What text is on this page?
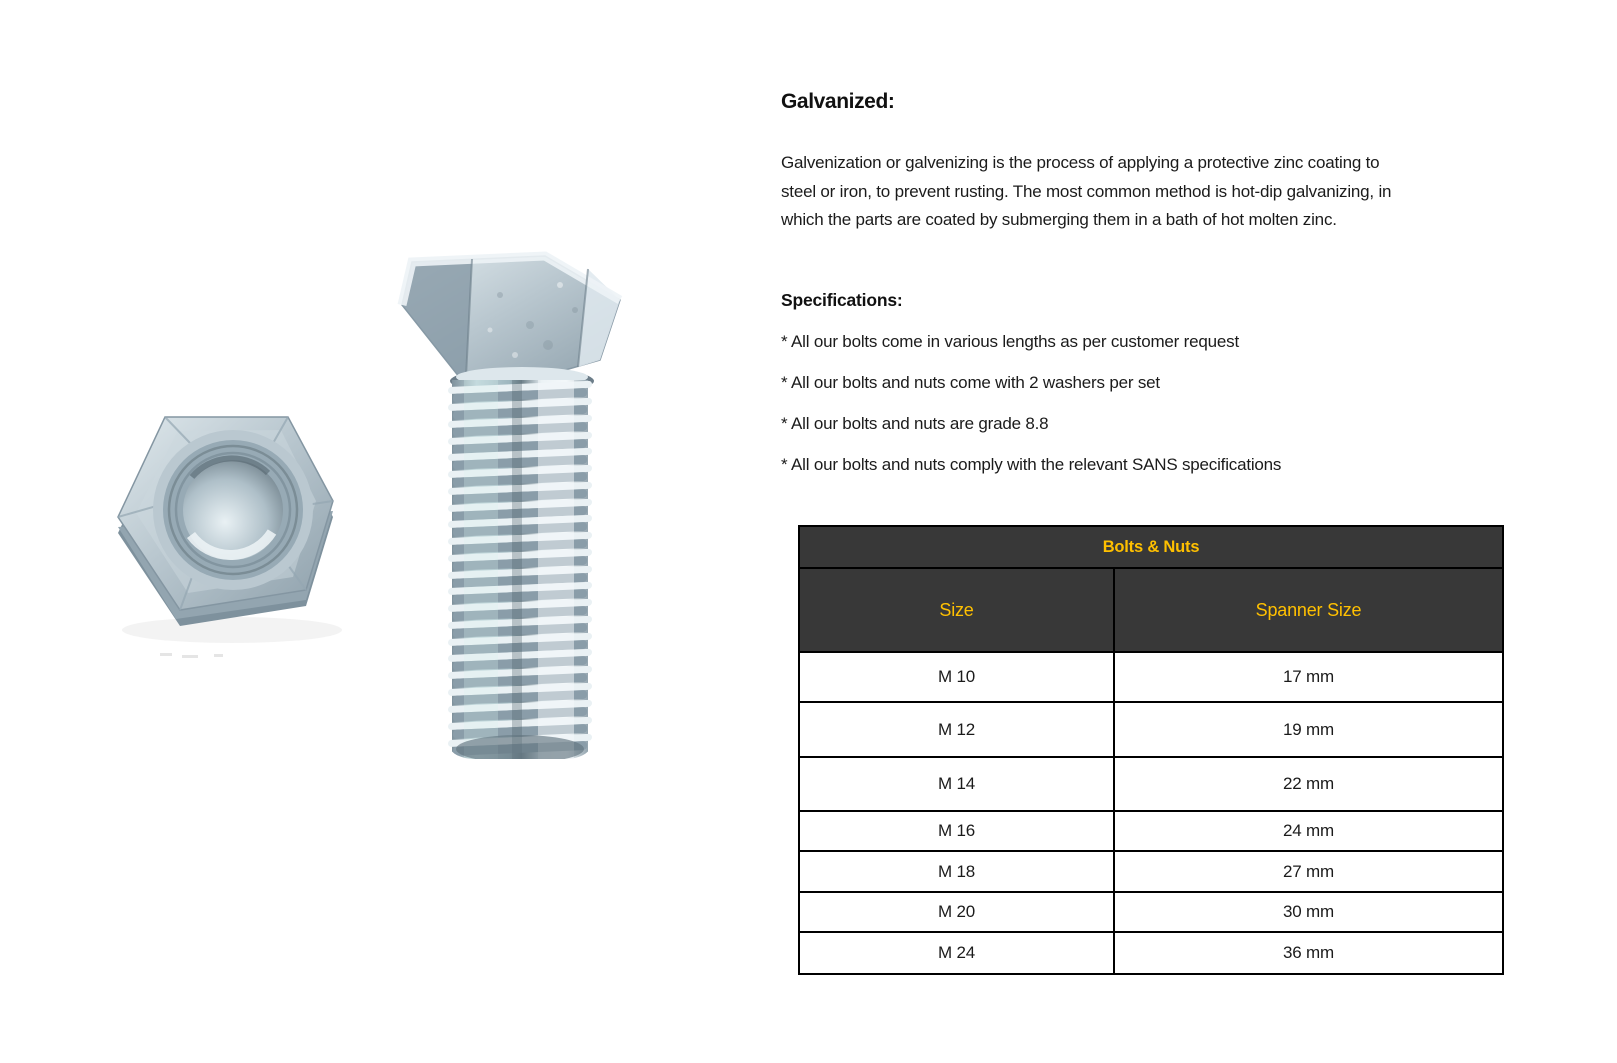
Galvanized:

Galvenization or galvenizing is the process of applying a protective zinc coating to
steel or iron, to prevent rusting. The most common method is hot-dip galvanizing, in
which the parts are coated by submerging them in a bath of hot molten zinc.

Specifications:
* All our bolts come in various lengths as per customer request
* All our bolts and nuts come with 2 washers per set
* All our bolts and nuts are grade 8.8
* All our bolts and nuts comply with the relevant SANS specifications
Bolts & Nuts	
Size	Spanner Size
M 10	17 mm
M 12	19 mm
M 14	22 mm
M 16	24 mm
M 18	27 mm
M 20	30 mm
M 24	36 mm
